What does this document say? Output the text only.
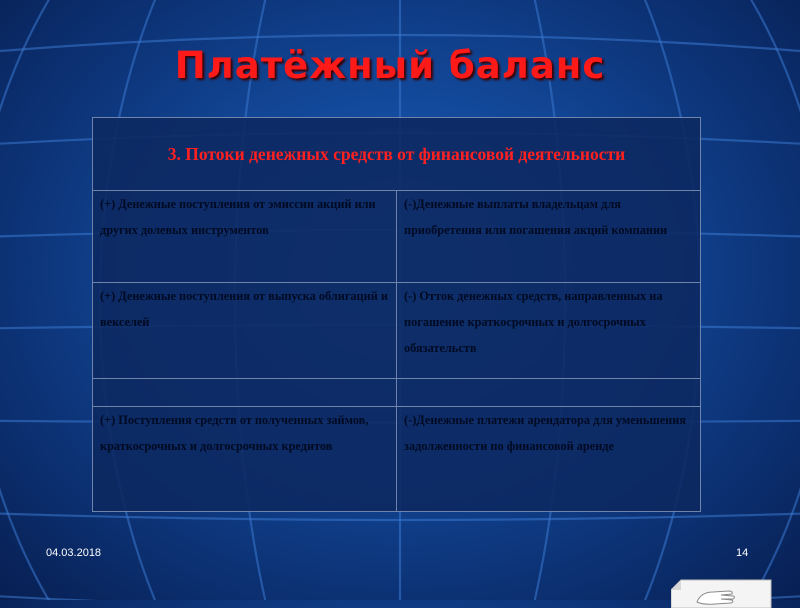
Платёжный баланс
3. Потоки денежных средств от финансовой деятельности	
(+) Денежные поступления от эмиссии акций или других долевых инструментов	(-)Денежные выплаты владельцам для приобретения или погашения акций компании
(+) Денежные поступления от выпуска облигаций и векселей	(-) Отток денежных средств, направленных на погашение краткосрочных и долгосрочных обязательств

(+) Поступления средств от полученных займов, краткосрочных и долгосрочных кредитов	(-)Денежные платежи арендатора для уменьшения задолженности по финансовой аренде
04.03.2018	14
